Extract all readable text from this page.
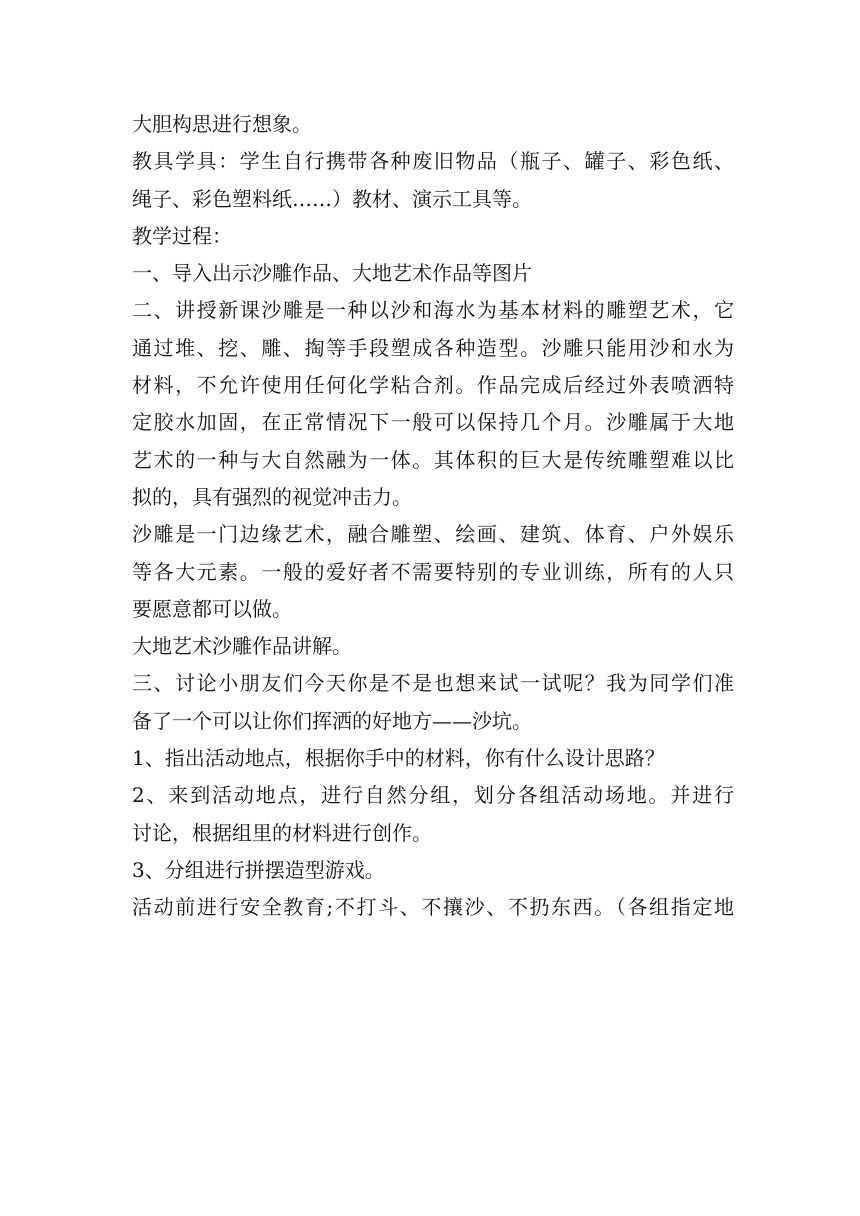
大胆构思进行想象。
教具学具：学生自行携带各种废旧物品（瓶子、罐子、彩色纸、
绳子、彩色塑料纸……）教材、演示工具等。
教学过程：
一、导入出示沙雕作品、大地艺术作品等图片
二、讲授新课沙雕是一种以沙和海水为基本材料的雕塑艺术，它
通过堆、挖、雕、掏等手段塑成各种造型。沙雕只能用沙和水为
材料，不允许使用任何化学粘合剂。作品完成后经过外表喷洒特
定胶水加固，在正常情况下一般可以保持几个月。沙雕属于大地
艺术的一种与大自然融为一体。其体积的巨大是传统雕塑难以比
拟的，具有强烈的视觉冲击力。
沙雕是一门边缘艺术，融合雕塑、绘画、建筑、体育、户外娱乐
等各大元素。一般的爱好者不需要特别的专业训练，所有的人只
要愿意都可以做。
大地艺术沙雕作品讲解。
三、讨论小朋友们今天你是不是也想来试一试呢？我为同学们准
备了一个可以让你们挥洒的好地方——沙坑。
1、指出活动地点，根据你手中的材料，你有什么设计思路？
2、来到活动地点，进行自然分组，划分各组活动场地。并进行
讨论，根据组里的材料进行创作。
3、分组进行拼摆造型游戏。
活动前进行安全教育;不打斗、不攘沙、不扔东西。（各组指定地
